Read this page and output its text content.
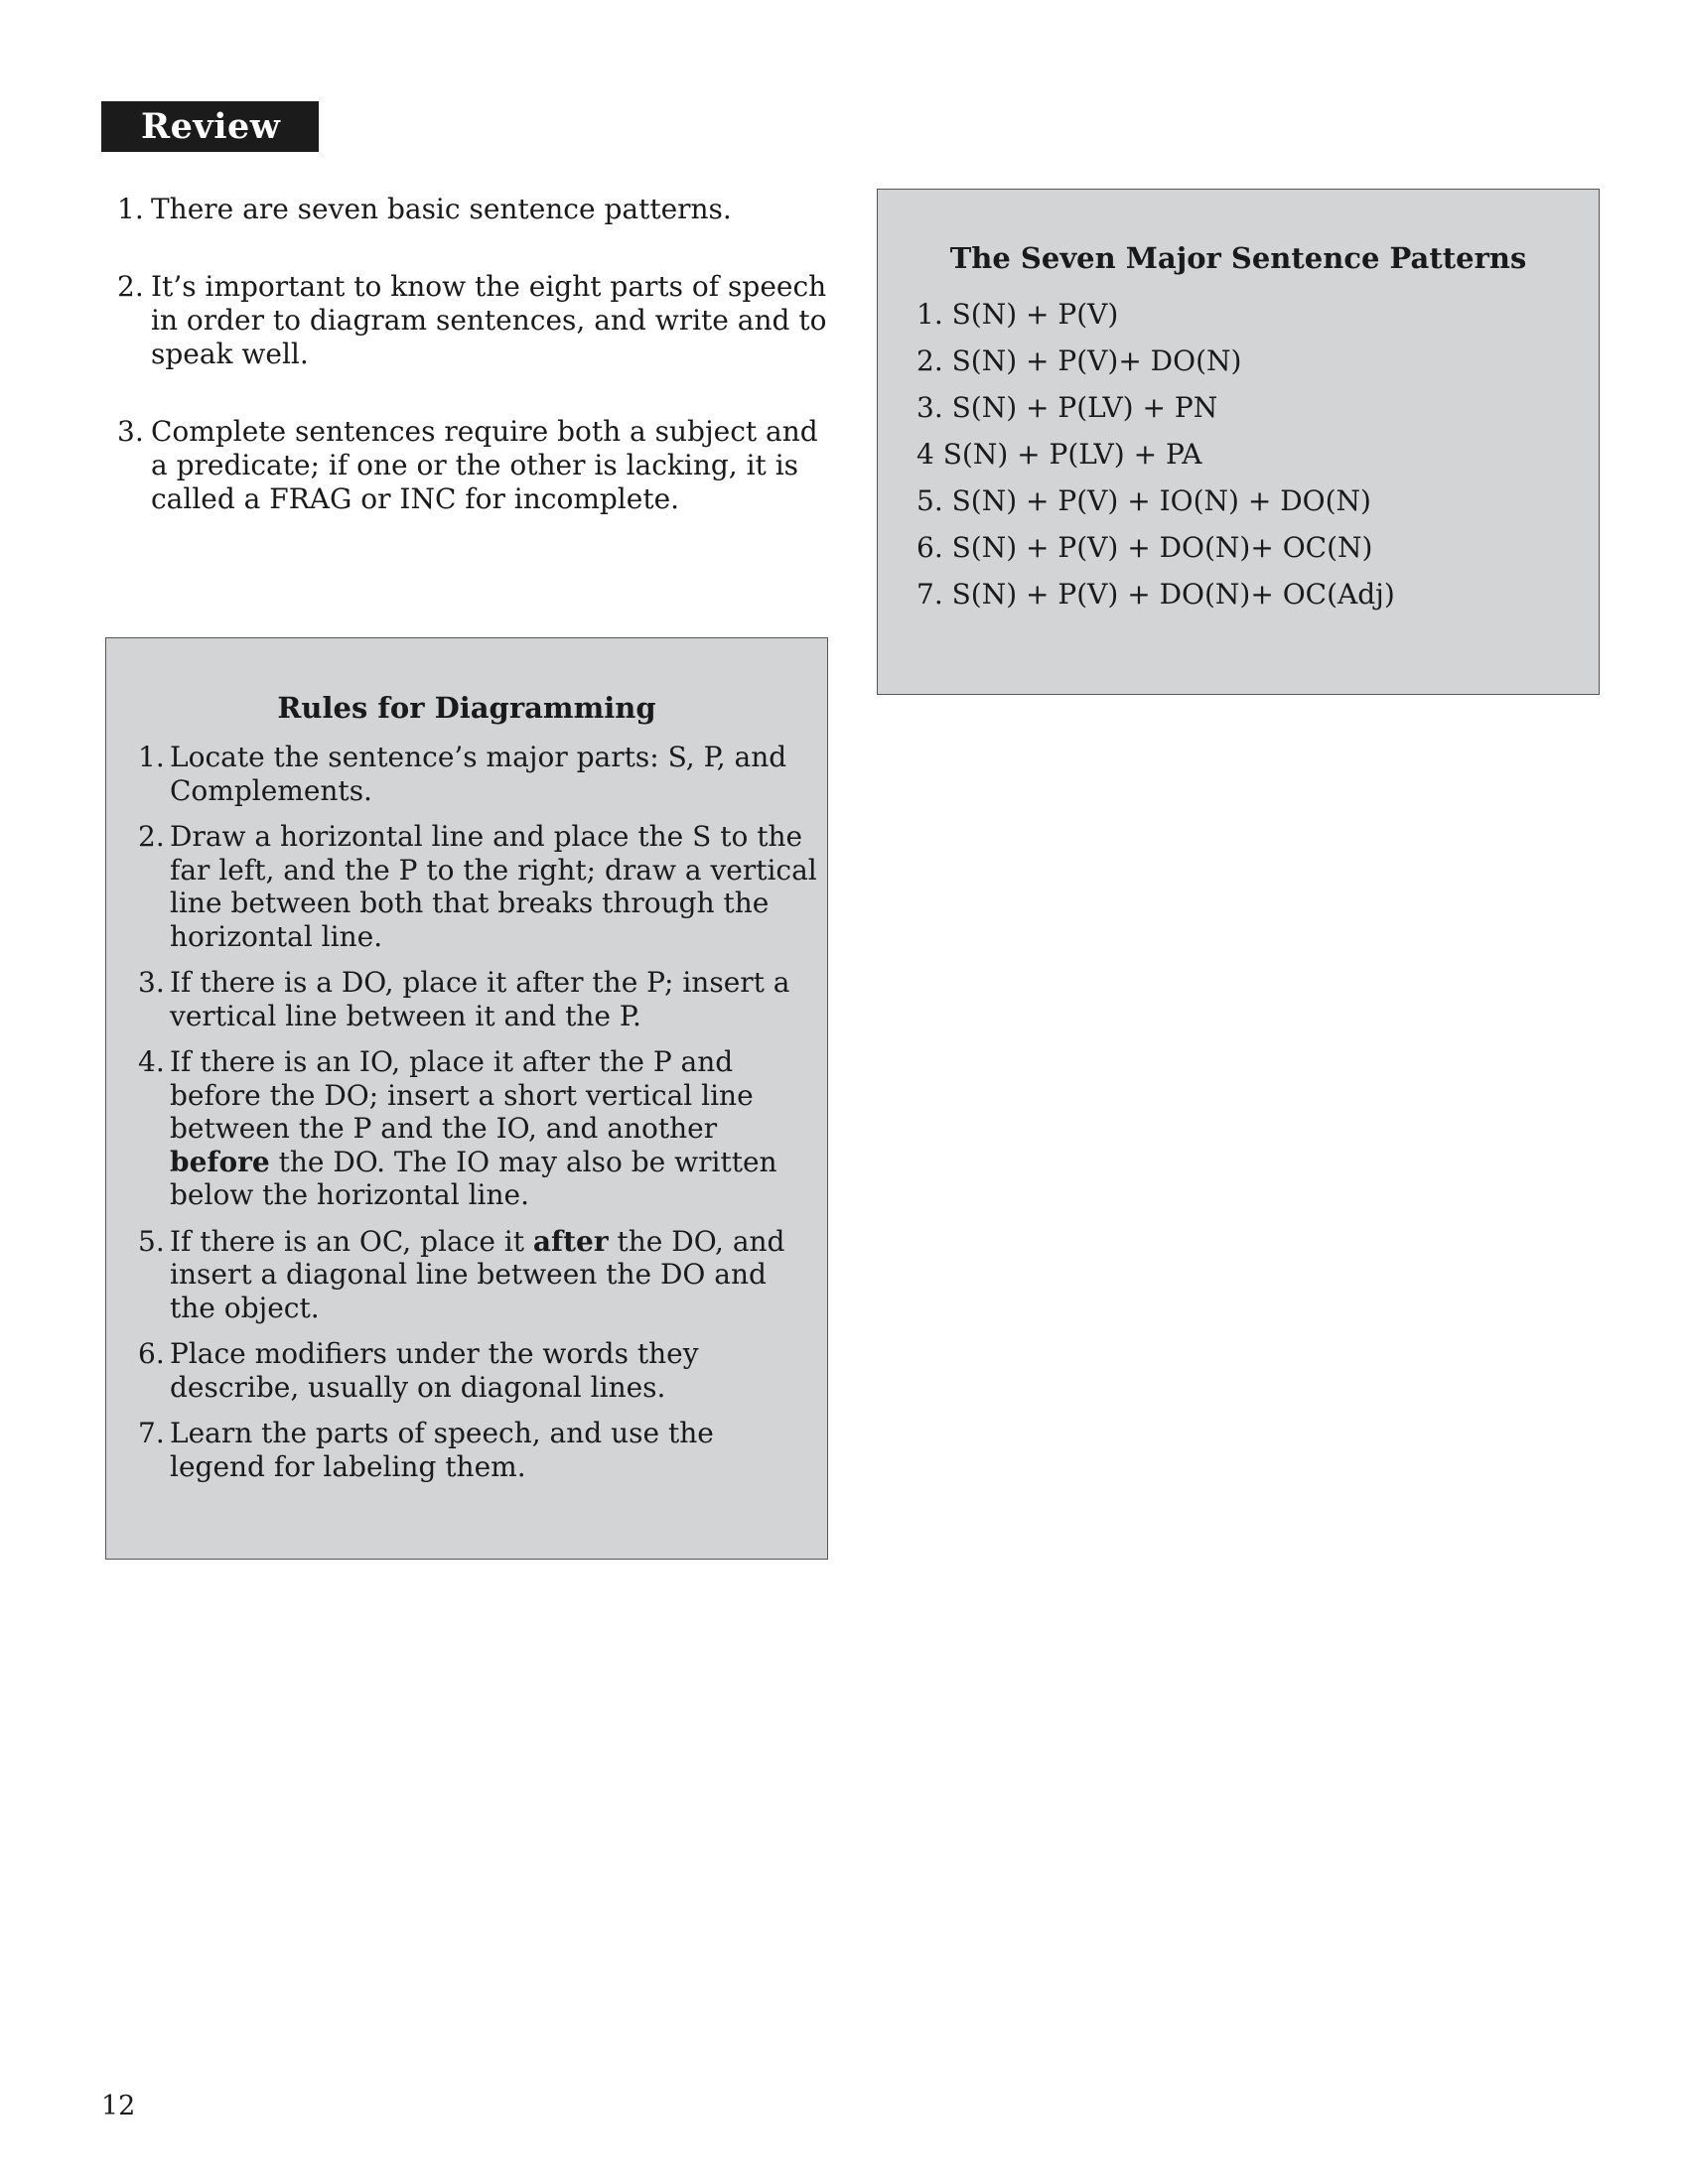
Review
1. There are seven basic sentence patterns.
2. It’s important to know the eight parts of speech in order to diagram sentences, and write and to speak well.
3. Complete sentences require both a subject and a predicate; if one or the other is lacking, it is called a FRAG or INC for incomplete.
The Seven Major Sentence Patterns
1. S(N) + P(V)
2. S(N) + P(V)+ DO(N)
3. S(N) + P(LV) + PN
4 S(N) + P(LV) + PA
5. S(N) + P(V) + IO(N) + DO(N)
6. S(N) + P(V) + DO(N)+ OC(N)
7. S(N) + P(V) + DO(N)+ OC(Adj)
Rules for Diagramming
1. Locate the sentence’s major parts: S, P, and Complements.
2. Draw a horizontal line and place the S to the far left, and the P to the right; draw a vertical line between both that breaks through the horizontal line.
3. If there is a DO, place it after the P; insert a vertical line between it and the P.
4. If there is an IO, place it after the P and before the DO; insert a short vertical line between the P and the IO, and another before the DO. The IO may also be written below the horizontal line.
5. If there is an OC, place it after the DO, and insert a diagonal line between the DO and the object.
6. Place modifiers under the words they describe, usually on diagonal lines.
7. Learn the parts of speech, and use the legend for labeling them.
12
